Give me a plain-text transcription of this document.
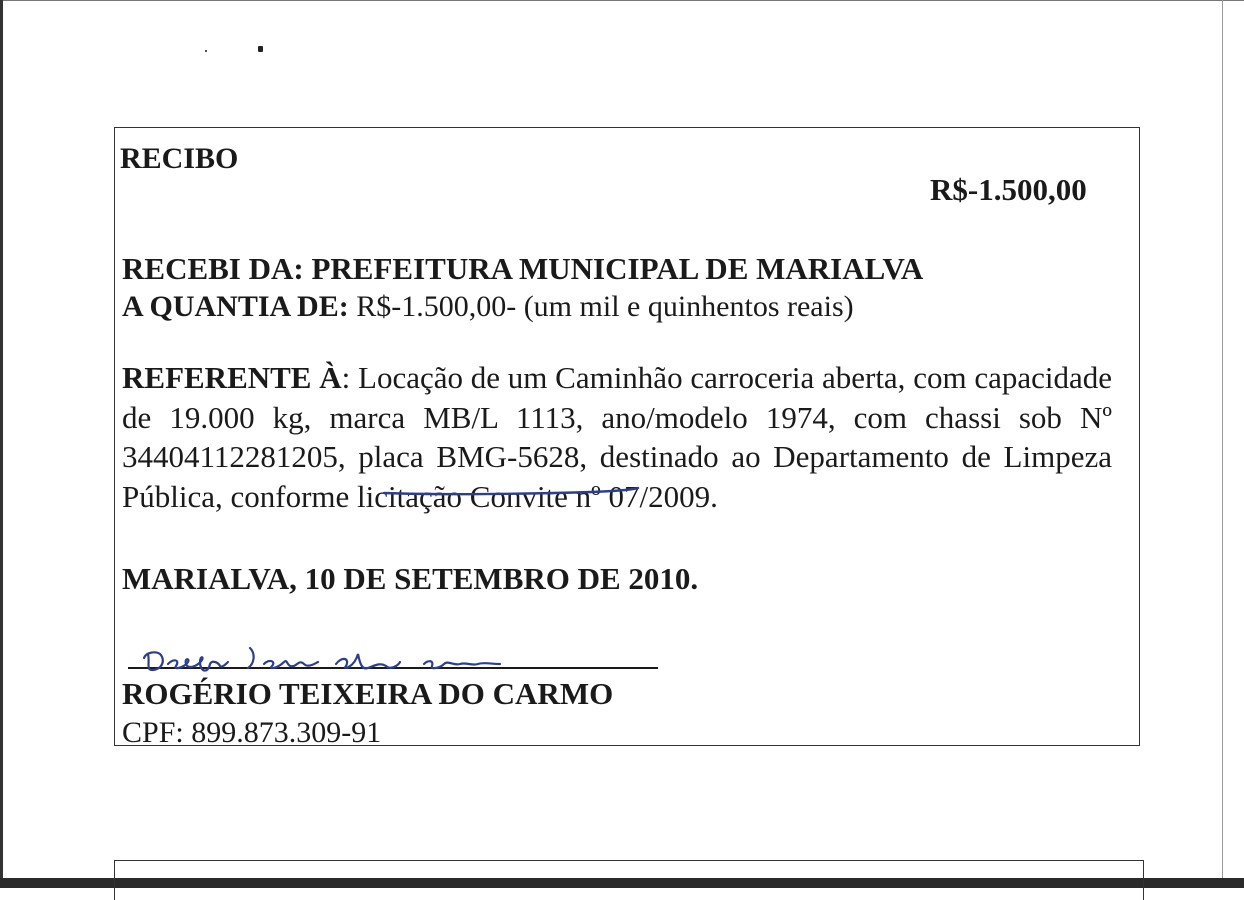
RECIBO

R$-1.500,00

RECEBI DA: PREFEITURA MUNICIPAL DE MARIALVA

A QUANTIA DE: R$-1.500,00- (um mil e quinhentos reais)

REFERENTE À: Locação de um Caminhão carroceria aberta, com capacidade de 19.000 kg, marca MB/L 1113, ano/modelo 1974, com chassi sob Nº 34404112281205, placa BMG-5628, destinado ao Departamento de Limpeza Pública, conforme licitação Convite nº 07/2009.

MARIALVA, 10 DE SETEMBRO DE 2010.

ROGÉRIO TEIXEIRA DO CARMO

CPF: 899.873.309-91
